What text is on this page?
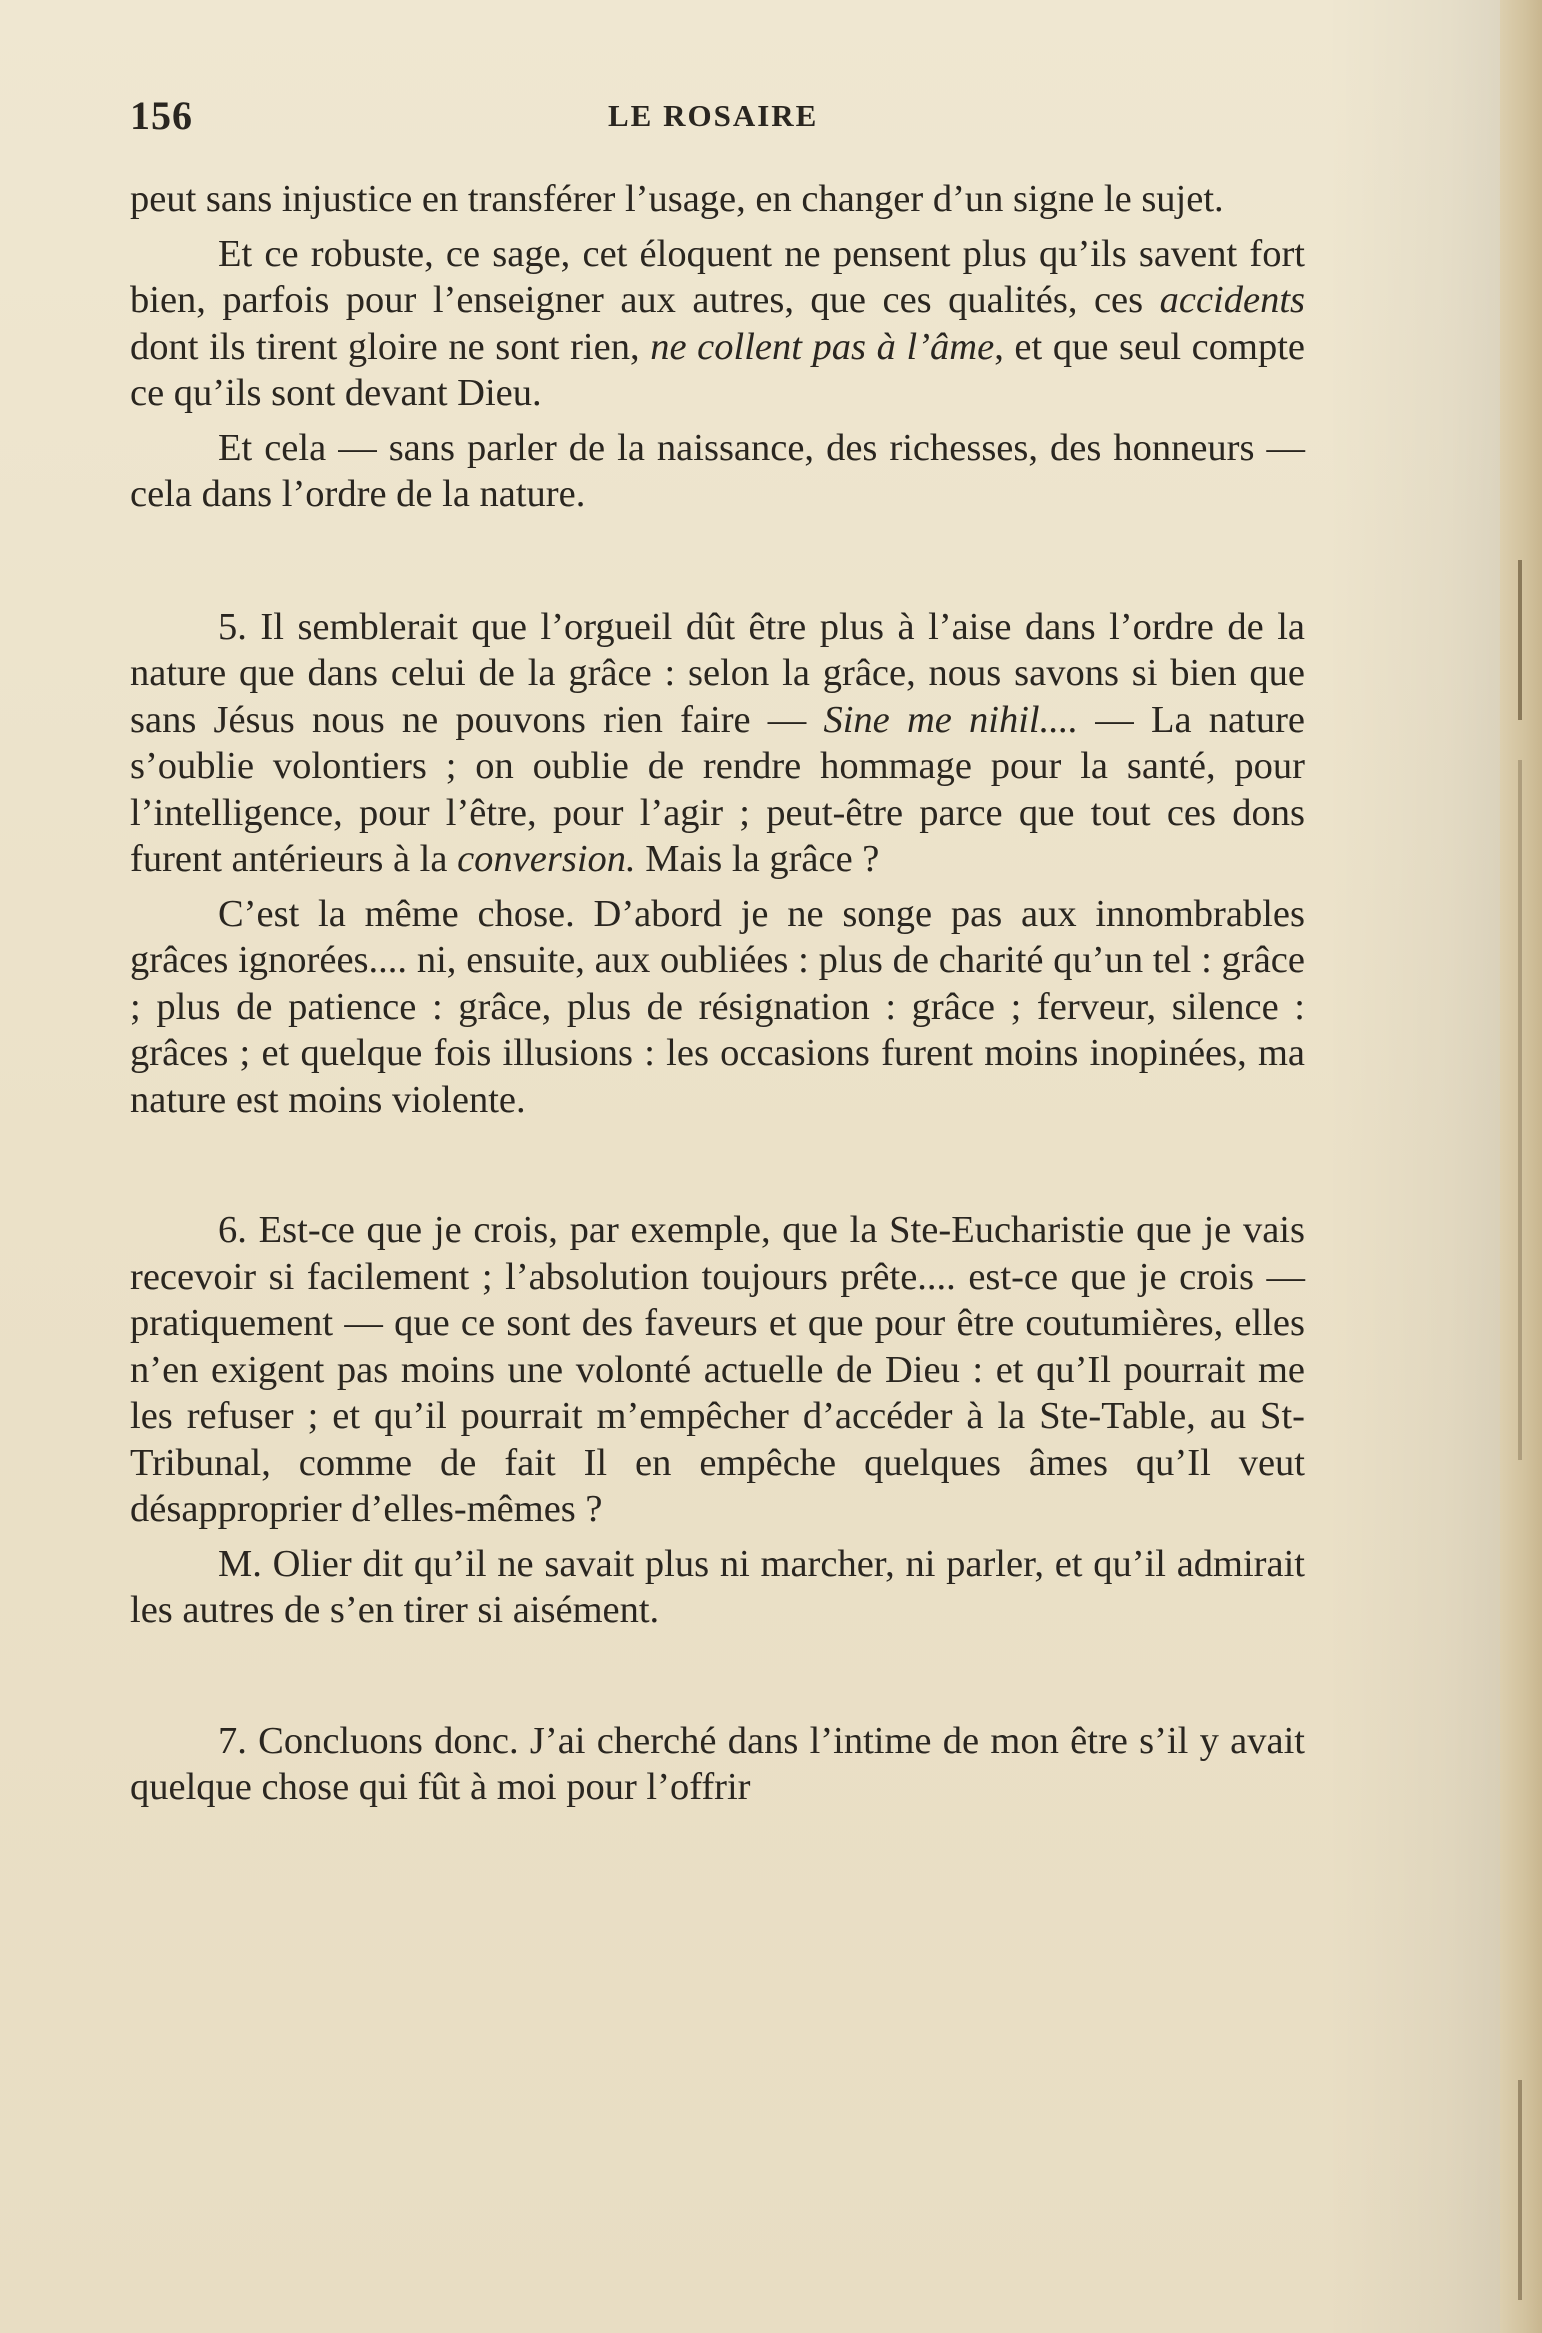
156	LE ROSAIRE

peut sans injustice en transférer l’usage, en changer d’un signe le sujet.

Et ce robuste, ce sage, cet éloquent ne pensent plus qu’ils savent fort bien, parfois pour l’enseigner aux autres, que ces qualités, ces accidents dont ils tirent gloire ne sont rien, ne collent pas à l’âme, et que seul compte ce qu’ils sont devant Dieu.

Et cela — sans parler de la naissance, des richesses, des honneurs — cela dans l’ordre de la nature.

5. Il semblerait que l’orgueil dût être plus à l’aise dans l’ordre de la nature que dans celui de la grâce : selon la grâce, nous savons si bien que sans Jésus nous ne pouvons rien faire — Sine me nihil.... — La nature s’oublie volontiers ; on oublie de rendre hommage pour la santé, pour l’intelligence, pour l’être, pour l’agir ; peut-être parce que tout ces dons furent antérieurs à la conversion. Mais la grâce ?

C’est la même chose. D’abord je ne songe pas aux innombrables grâces ignorées.... ni, ensuite, aux oubliées : plus de charité qu’un tel : grâce ; plus de patience : grâce, plus de résignation : grâce ; ferveur, silence : grâces ; et quelque fois illusions : les occasions furent moins inopinées, ma nature est moins violente.

6. Est-ce que je crois, par exemple, que la Ste-Eucharistie que je vais recevoir si facilement ; l’absolution toujours prête.... est-ce que je crois — pratiquement — que ce sont des faveurs et que pour être coutumières, elles n’en exigent pas moins une volonté actuelle de Dieu : et qu’Il pourrait me les refuser ; et qu’il pourrait m’empêcher d’accéder à la Ste-Table, au St-Tribunal, comme de fait Il en empêche quelques âmes qu’Il veut désapproprier d’elles-mêmes ?

M. Olier dit qu’il ne savait plus ni marcher, ni parler, et qu’il admirait les autres de s’en tirer si aisément.

7. Concluons donc. J’ai cherché dans l’intime de mon être s’il y avait quelque chose qui fût à moi pour l’offrir
